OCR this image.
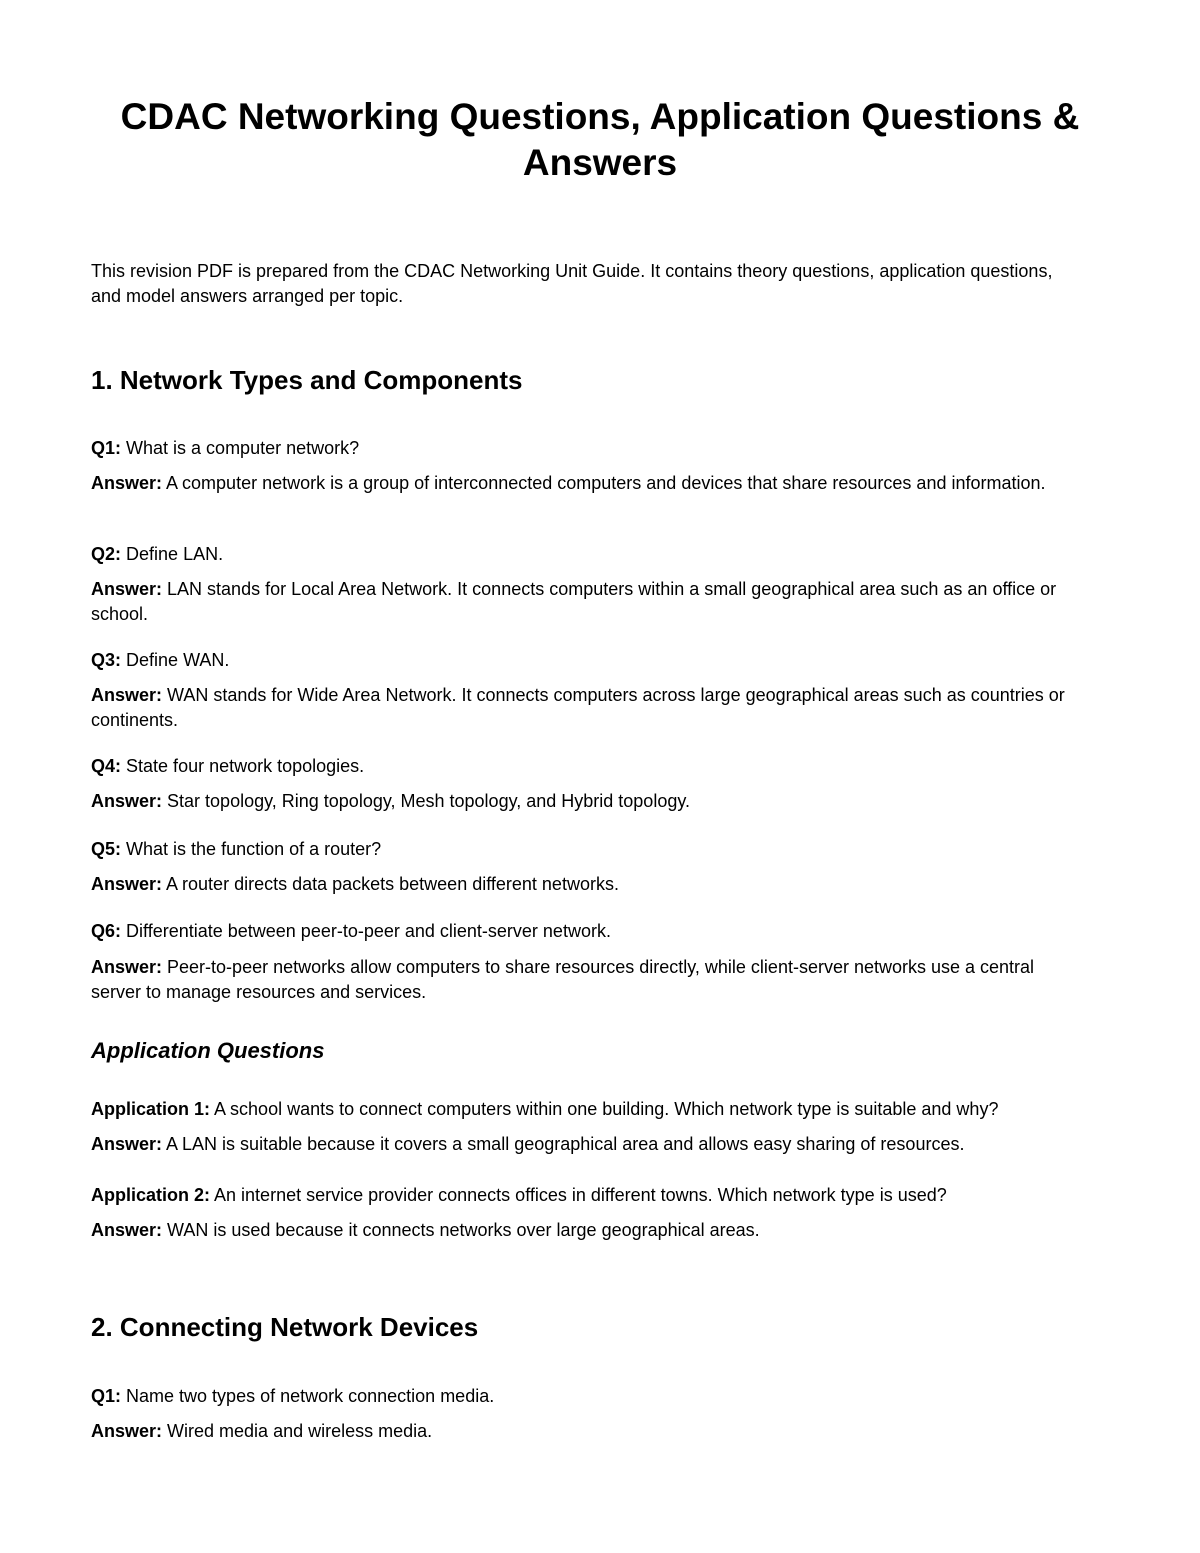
CDAC Networking Questions, Application Questions & Answers

This revision PDF is prepared from the CDAC Networking Unit Guide. It contains theory questions, application questions, and model answers arranged per topic.

1. Network Types and Components

Q1: What is a computer network?

Answer: A computer network is a group of interconnected computers and devices that share resources and information.

Q2: Define LAN.

Answer: LAN stands for Local Area Network. It connects computers within a small geographical area such as an office or school.

Q3: Define WAN.

Answer: WAN stands for Wide Area Network. It connects computers across large geographical areas such as countries or continents.

Q4: State four network topologies.

Answer: Star topology, Ring topology, Mesh topology, and Hybrid topology.

Q5: What is the function of a router?

Answer: A router directs data packets between different networks.

Q6: Differentiate between peer-to-peer and client-server network.

Answer: Peer-to-peer networks allow computers to share resources directly, while client-server networks use a central server to manage resources and services.

Application Questions

Application 1: A school wants to connect computers within one building. Which network type is suitable and why?

Answer: A LAN is suitable because it covers a small geographical area and allows easy sharing of resources.

Application 2: An internet service provider connects offices in different towns. Which network type is used?

Answer: WAN is used because it connects networks over large geographical areas.

2. Connecting Network Devices

Q1: Name two types of network connection media.

Answer: Wired media and wireless media.
